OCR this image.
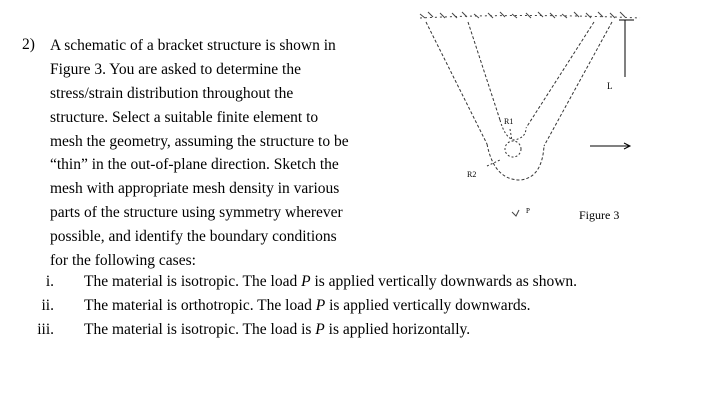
2) A schematic of a bracket structure is shown in
Figure 3. You are asked to determine the
stress/strain distribution throughout the
structure. Select a suitable finite element to
mesh the geometry, assuming the structure to be
“thin” in the out-of-plane direction. Sketch the
mesh with appropriate mesh density in various
parts of the structure using symmetry wherever
possible, and identify the boundary conditions
for the following cases:
i. The material is isotropic. The load P is applied vertically downwards as shown.
ii. The material is orthotropic. The load P is applied vertically downwards.
iii. The material is isotropic. The load is P is applied horizontally.
L
R1
R2
P	Figure 3
